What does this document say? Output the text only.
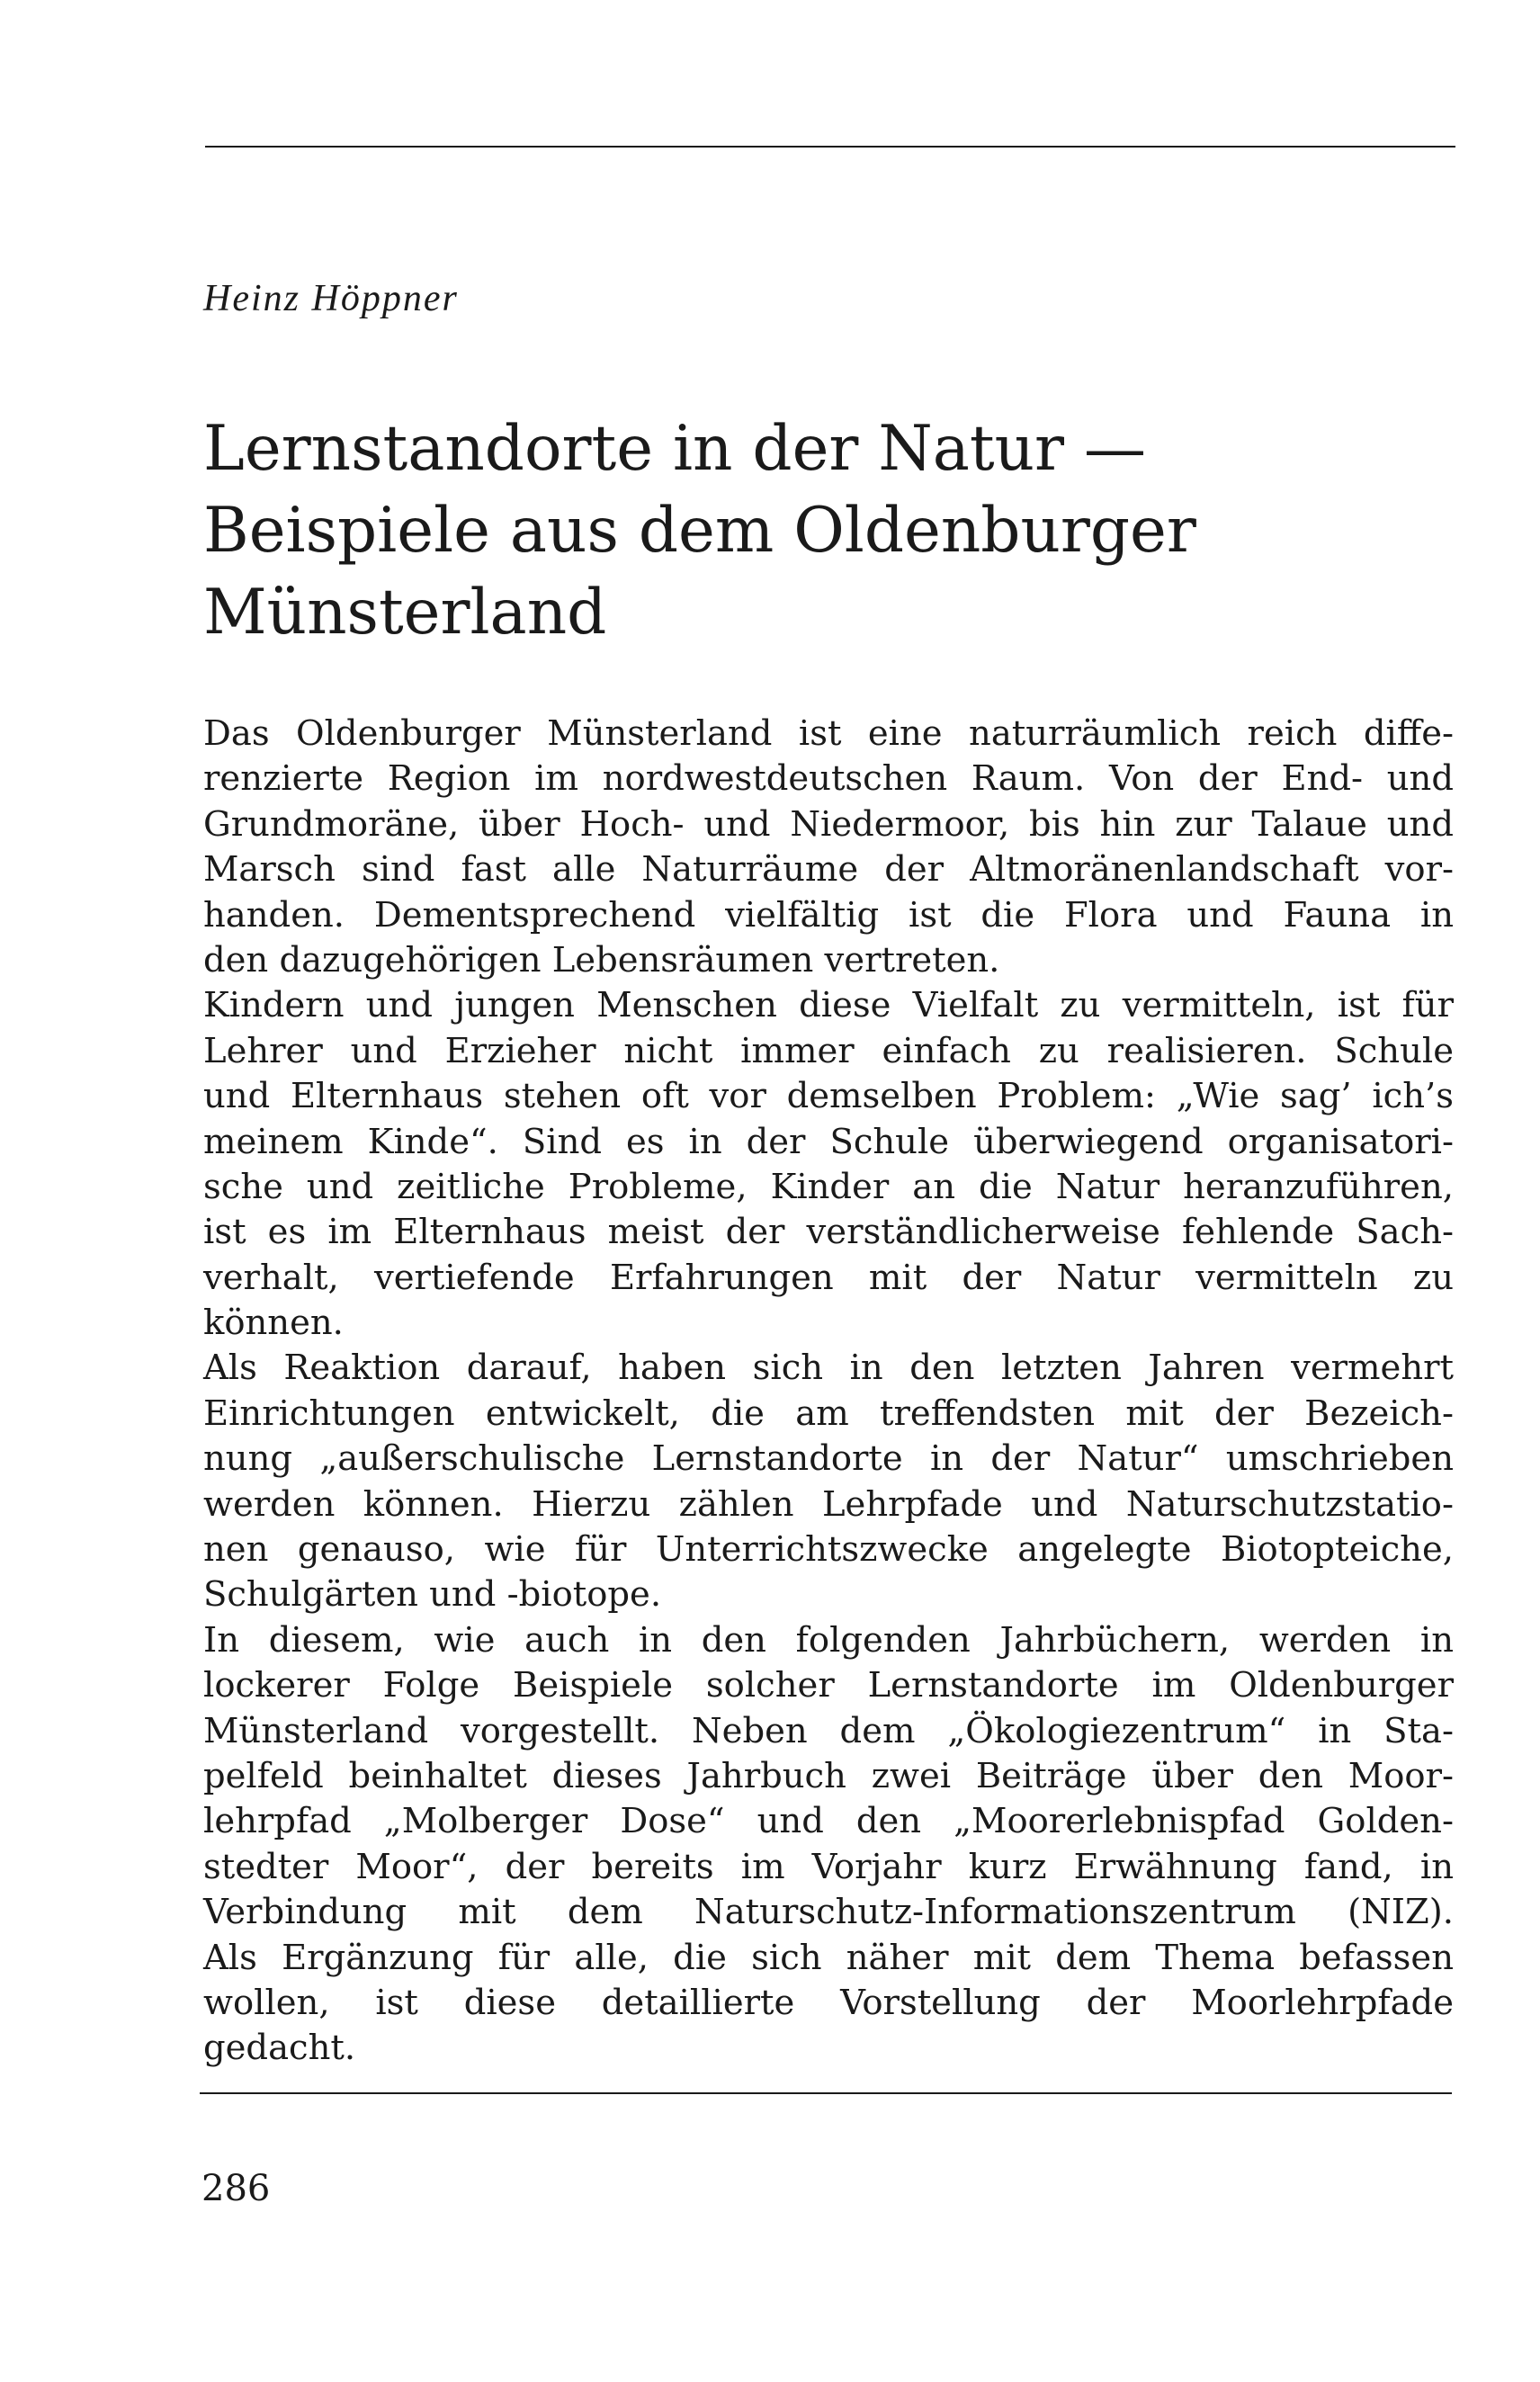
Heinz Höppner
Lernstandorte in der Natur —
Beispiele aus dem Oldenburger
Münsterland
Das Oldenburger Münsterland ist eine naturräumlich reich diffe-
renzierte Region im nordwestdeutschen Raum. Von der End- und
Grundmoräne, über Hoch- und Niedermoor, bis hin zur Talaue und
Marsch sind fast alle Naturräume der Altmoränenlandschaft vor-
handen. Dementsprechend vielfältig ist die Flora und Fauna in
den dazugehörigen Lebensräumen vertreten.
Kindern und jungen Menschen diese Vielfalt zu vermitteln, ist für
Lehrer und Erzieher nicht immer einfach zu realisieren. Schule
und Elternhaus stehen oft vor demselben Problem: „Wie sag’ ich’s
meinem Kinde“. Sind es in der Schule überwiegend organisatori-
sche und zeitliche Probleme, Kinder an die Natur heranzuführen,
ist es im Elternhaus meist der verständlicherweise fehlende Sach-
verhalt, vertiefende Erfahrungen mit der Natur vermitteln zu
können.
Als Reaktion darauf, haben sich in den letzten Jahren vermehrt
Einrichtungen entwickelt, die am treffendsten mit der Bezeich-
nung „außerschulische Lernstandorte in der Natur“ umschrieben
werden können. Hierzu zählen Lehrpfade und Naturschutzstatio-
nen genauso, wie für Unterrichtszwecke angelegte Biotopteiche,
Schulgärten und -biotope.
In diesem, wie auch in den folgenden Jahrbüchern, werden in
lockerer Folge Beispiele solcher Lernstandorte im Oldenburger
Münsterland vorgestellt. Neben dem „Ökologiezentrum“ in Sta-
pelfeld beinhaltet dieses Jahrbuch zwei Beiträge über den Moor-
lehrpfad „Molberger Dose“ und den „Moorerlebnispfad Golden-
stedter Moor“, der bereits im Vorjahr kurz Erwähnung fand, in
Verbindung mit dem Naturschutz-Informationszentrum (NIZ).
Als Ergänzung für alle, die sich näher mit dem Thema befassen
wollen, ist diese detaillierte Vorstellung der Moorlehrpfade
gedacht.
286
